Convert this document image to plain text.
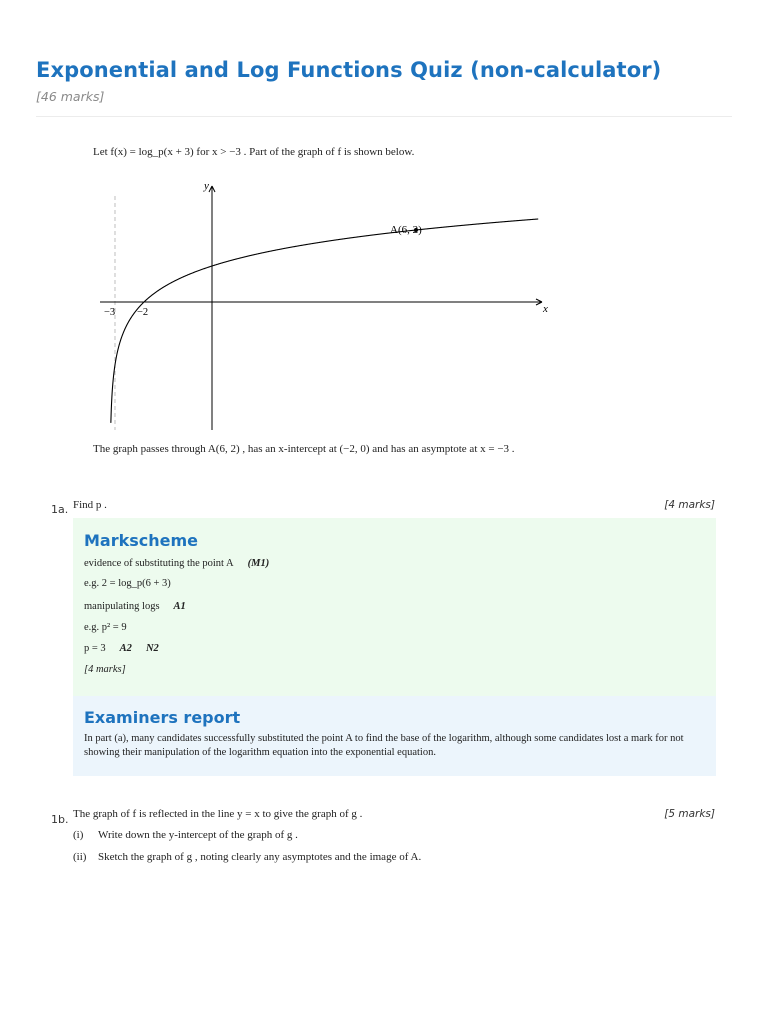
Exponential and Log Functions Quiz (non-calculator)
[46 marks]
Let f(x) = log_p(x + 3) for x > −3 . Part of the graph of f is shown below.
A(6, 2)
y
x
−3 −2
The graph passes through A(6, 2) , has an x-intercept at (−2, 0) and has an asymptote at x = −3 .
1a. Find p .	[4 marks]
Markscheme
evidence of substituting the point A (M1)
e.g. 2 = log_p(6 + 3)
manipulating logs A1
e.g. p² = 9
p = 3 A2 N2
[4 marks]
Examiners report
In part (a), many candidates successfully substituted the point A to find the base of the logarithm, although some candidates lost a mark for not showing their manipulation of the logarithm equation into the exponential equation.
1b. The graph of f is reflected in the line y = x to give the graph of g .	[5 marks]
(i) Write down the y-intercept of the graph of g .
(ii) Sketch the graph of g , noting clearly any asymptotes and the image of A.
